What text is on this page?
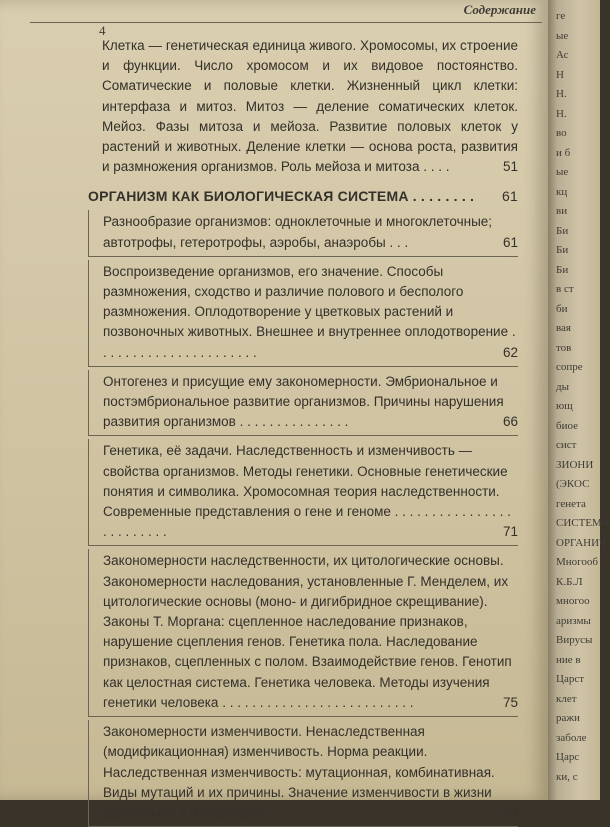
Содержание
4
Клетка — генетическая единица живого. Хромосомы, их строение и функции. Число хромосом и их видовое постоянство. Соматические и половые клетки. Жизненный цикл клетки: интерфаза и митоз. Митоз — деление соматических клеток. Мейоз. Фазы митоза и мейоза. Развитие половых клеток у растений и животных. Деление клетки — основа роста, развития и размножения организмов. Роль мейоза и митоза . . . .	51
ОРГАНИЗМ КАК БИОЛОГИЧЕСКАЯ СИСТЕМА . . . . . . . . 61
Разнообразие организмов: одноклеточные и многоклеточные; автотрофы, гетеротрофы, аэробы, анаэробы . . .	61
Воспроизведение организмов, его значение. Способы размножения, сходство и различие полового и бесполого размножения. Оплодотворение у цветковых растений и позвоночных животных. Внешнее и внутреннее оплодотворение . . . . . . . . . . . . . . . . . . . . . .	62
Онтогенез и присущие ему закономерности. Эмбриональное и постэмбриональное развитие организмов. Причины нарушения развития организмов . . . . . . . . . . . . . . .	66
Генетика, её задачи. Наследственность и изменчивость — свойства организмов. Методы генетики. Основные генетические понятия и символика. Хромосомная теория наследственности. Современные представления о гене и геноме . . . . . . . . . . . . . . . . . . . . . . . . .	71
Закономерности наследственности, их цитологические основы. Закономерности наследования, установленные Г. Менделем, их цитологические основы (моно- и дигибридное скрещивание). Законы Т. Моргана: сцепленное наследование признаков, нарушение сцепления генов. Генетика пола. Наследование признаков, сцепленных с полом. Взаимодействие генов. Генотип как целостная система. Генетика человека. Методы изучения генетики человека . . . . . . . . . . . . . . . . . . . . . . . . . .	75
Закономерности изменчивости. Ненаследственная (модификационная) изменчивость. Норма реакции. Наследственная изменчивость: мутационная, комбинативная. Виды мутаций и их причины. Значение изменчивости в жизни организмов и в эволюции . . . . . . . . . . . . .	83
ге
ые
Ас
Н
Н.
Н.
во
и б
ые
кц
ви
Би
Би
Би
в ст
би
вая
тов
сопре
ды
ющ
биое
сист
ЗИОНИ
(ЭКОС
генета
СИСТЕМА
ОРГАНИЧ
Многооб
К.Б.Л
многоо
аризмы
Вирусы
ние в
Царст
клет
ражи
заболе
Царс
ки, с
